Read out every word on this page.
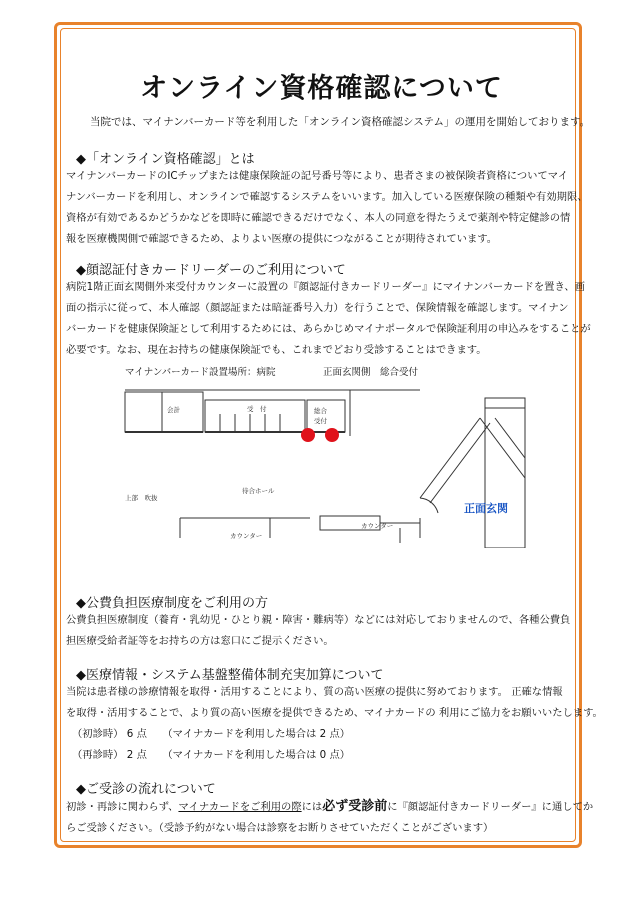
オンライン資格確認について
当院では、マイナンバーカード等を利用した「オンライン資格確認システム」の運用を開始しております。
◆「オンライン資格確認」とは

マイナンバーカードのICチップまたは健康保険証の記号番号等により、患者さまの被保険者資格についてマイ

ナンバーカードを利用し、オンラインで確認するシステムをいいます。加入している医療保険の種類や有効期限、

資格が有効であるかどうかなどを即時に確認できるだけでなく、本人の同意を得たうえで薬剤や特定健診の情

報を医療機関側で確認できるため、よりよい医療の提供につながることが期待されています。

◆顔認証付きカードリーダーのご利用について

病院1階正面玄関側外来受付カウンターに設置の『顔認証付きカードリーダー』にマイナンバーカードを置き、画

面の指示に従って、本人確認（顔認証または暗証番号入力）を行うことで、保険情報を確認します。マイナン

バーカードを健康保険証として利用するためには、あらかじめマイナポータルで保険証利用の申込みをすることが

必要です。なお、現在お持ちの健康保険証でも、これまでどおり受診することはできます。

マイナンバーカード設置場所：病院　　　　　正面玄関側　総合受付
会計	受　付	総合
受付
待合ホール
上部　吹抜
カウンター
カウンター
正面玄関
◆公費負担医療制度をご利用の方

公費負担医療制度（養育・乳幼児・ひとり親・障害・難病等）などには対応しておりませんので、各種公費負

担医療受給者証等をお持ちの方は窓口にご提示ください。

◆医療情報・システム基盤整備体制充実加算について

当院は患者様の診療情報を取得・活用することにより、質の高い医療の提供に努めております。 正確な情報

を取得・活用することで、より質の高い医療を提供できるため、マイナカードの 利用にご協力をお願いいたします。

（初診時） 6 点　　（マイナカードを利用した場合は 2 点）

（再診時） 2 点　　（マイナカードを利用した場合は 0 点）

◆ご受診の流れについて

初診・再診に関わらず、マイナカードをご利用の際には必ず受診前に『顔認証付きカードリーダー』に通してか

らご受診ください。（受診予約がない場合は診察をお断りさせていただくことがございます）
